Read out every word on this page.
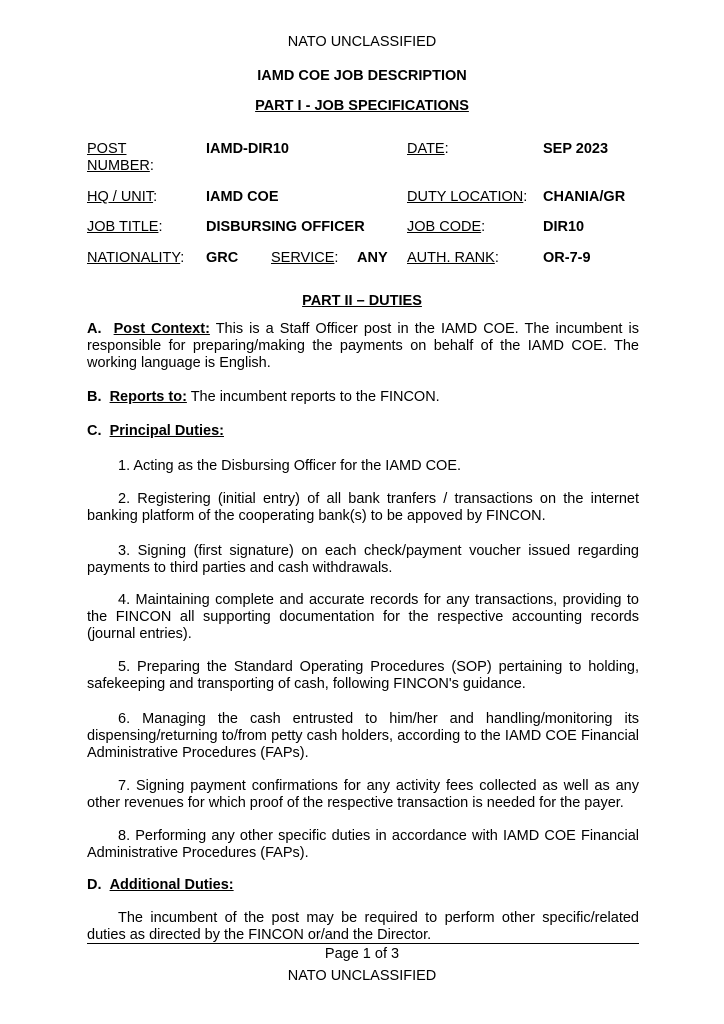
NATO UNCLASSIFIED
IAMD COE JOB DESCRIPTION
PART I - JOB SPECIFICATIONS
POST
NUMBER:
IAMD-DIR10	DATE:	SEP 2023
HQ / UNIT:	IAMD COE	DUTY LOCATION: CHANIA/GR
JOB TITLE:	DISBURSING OFFICER	JOB CODE:	DIR10
NATIONALITY: GRC SERVICE: ANY AUTH. RANK:	OR-7-9
PART II – DUTIES
A. Post Context: This is a Staff Officer post in the IAMD COE. The incumbent is responsible for preparing/making the payments on behalf of the IAMD COE. The working language is English.
B. Reports to: The incumbent reports to the FINCON.
C. Principal Duties:
1. Acting as the Disbursing Officer for the IAMD COE.
2. Registering (initial entry) of all bank tranfers / transactions on the internet banking platform of the cooperating bank(s) to be appoved by FINCON.
3. Signing (first signature) on each check/payment voucher issued regarding payments to third parties and cash withdrawals.
4. Maintaining complete and accurate records for any transactions, providing to the FINCON all supporting documentation for the respective accounting records (journal entries).
5. Preparing the Standard Operating Procedures (SOP) pertaining to holding, safekeeping and transporting of cash, following FINCON's guidance.
6. Managing the cash entrusted to him/her and handling/monitoring its dispensing/returning to/from petty cash holders, according to the IAMD COE Financial Administrative Procedures (FAPs).
7. Signing payment confirmations for any activity fees collected as well as any other revenues for which proof of the respective transaction is needed for the payer.
8. Performing any other specific duties in accordance with IAMD COE Financial Administrative Procedures (FAPs).
D. Additional Duties:
The incumbent of the post may be required to perform other specific/related duties as directed by the FINCON or/and the Director.
Page 1 of 3
NATO UNCLASSIFIED
